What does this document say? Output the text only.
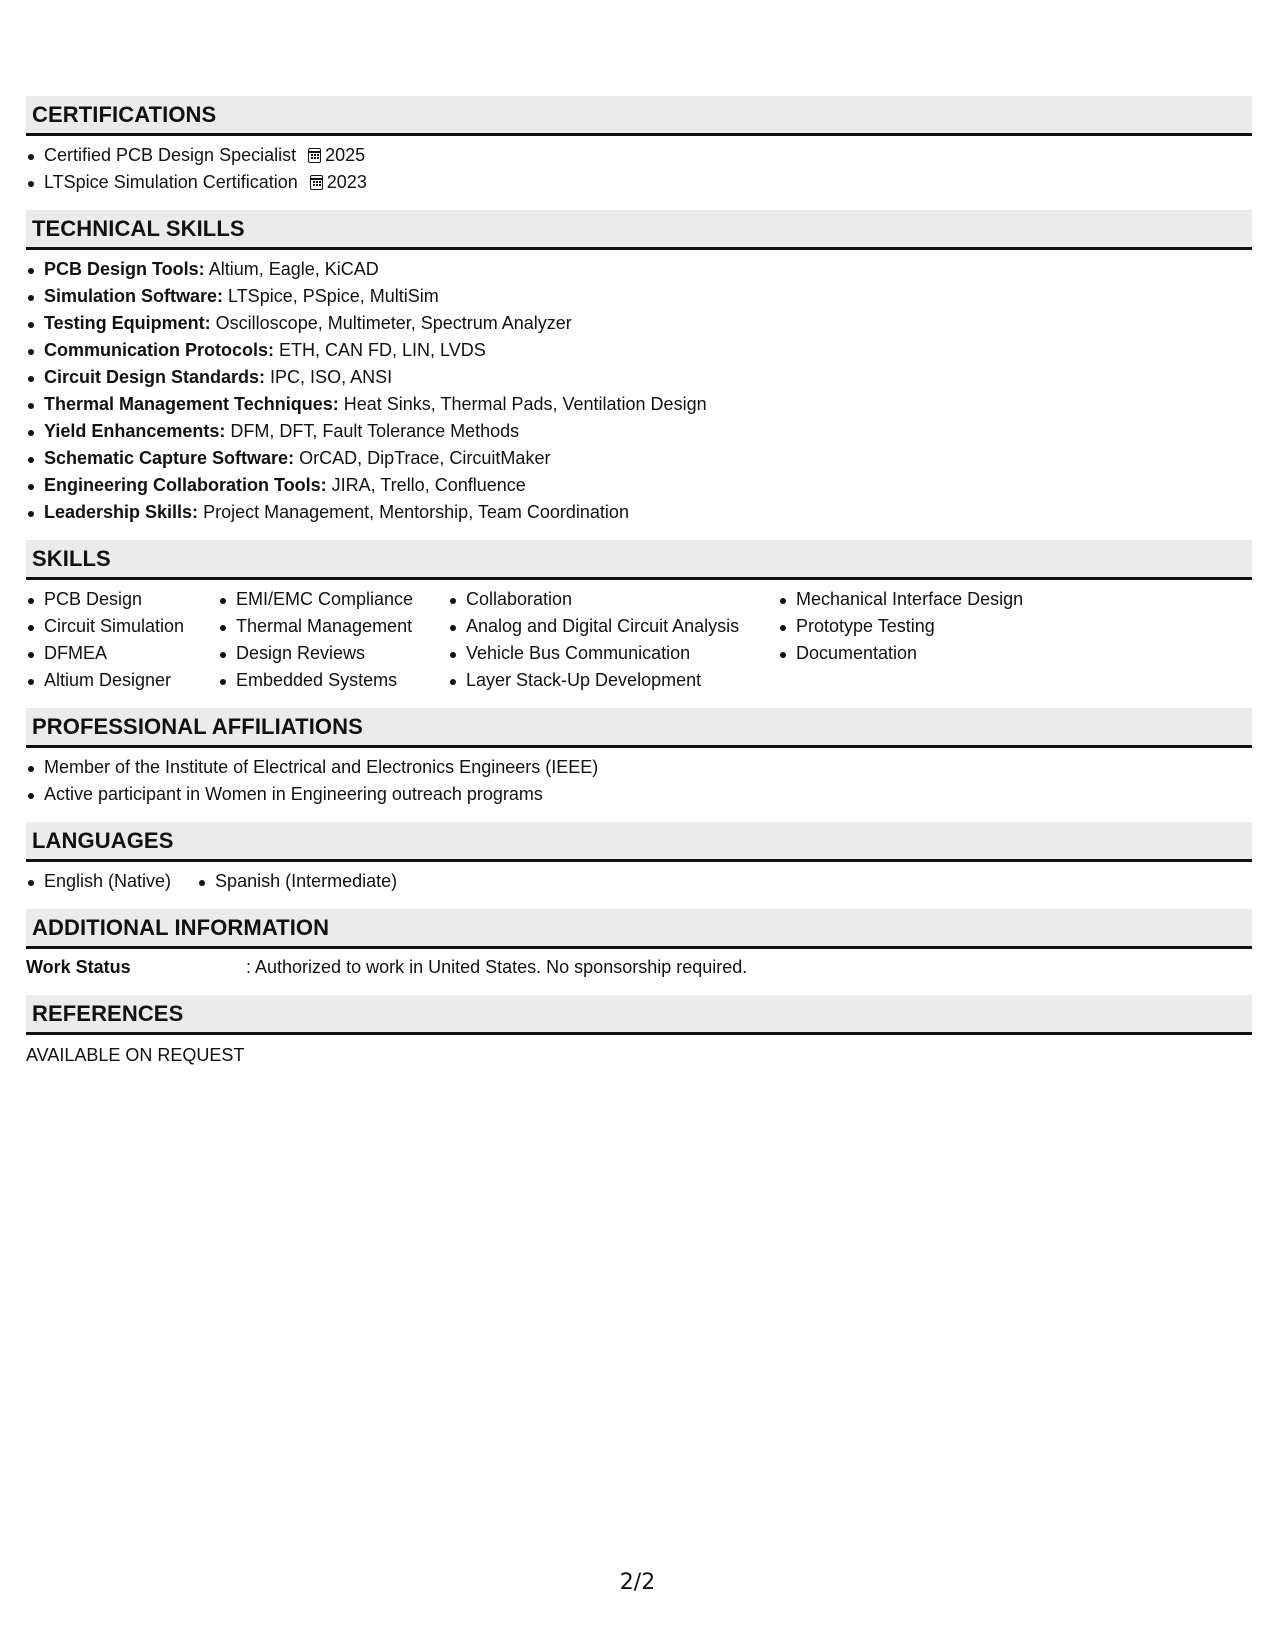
CERTIFICATIONS
Certified PCB Design Specialist 2025
LTSpice Simulation Certification 2023
TECHNICAL SKILLS
PCB Design Tools: Altium, Eagle, KiCAD
Simulation Software: LTSpice, PSpice, MultiSim
Testing Equipment: Oscilloscope, Multimeter, Spectrum Analyzer
Communication Protocols: ETH, CAN FD, LIN, LVDS
Circuit Design Standards: IPC, ISO, ANSI
Thermal Management Techniques: Heat Sinks, Thermal Pads, Ventilation Design
Yield Enhancements: DFM, DFT, Fault Tolerance Methods
Schematic Capture Software: OrCAD, DipTrace, CircuitMaker
Engineering Collaboration Tools: JIRA, Trello, Confluence
Leadership Skills: Project Management, Mentorship, Team Coordination
SKILLS
PCB Design
Circuit Simulation
DFMEA
Altium Designer
EMI/EMC Compliance
Thermal Management
Design Reviews
Embedded Systems
Collaboration
Analog and Digital Circuit Analysis
Vehicle Bus Communication
Layer Stack-Up Development
Mechanical Interface Design
Prototype Testing
Documentation
PROFESSIONAL AFFILIATIONS
Member of the Institute of Electrical and Electronics Engineers (IEEE)
Active participant in Women in Engineering outreach programs
LANGUAGES
English (Native)	Spanish (Intermediate)
ADDITIONAL INFORMATION
Work Status	: Authorized to work in United States. No sponsorship required.
REFERENCES
AVAILABLE ON REQUEST
2/2
